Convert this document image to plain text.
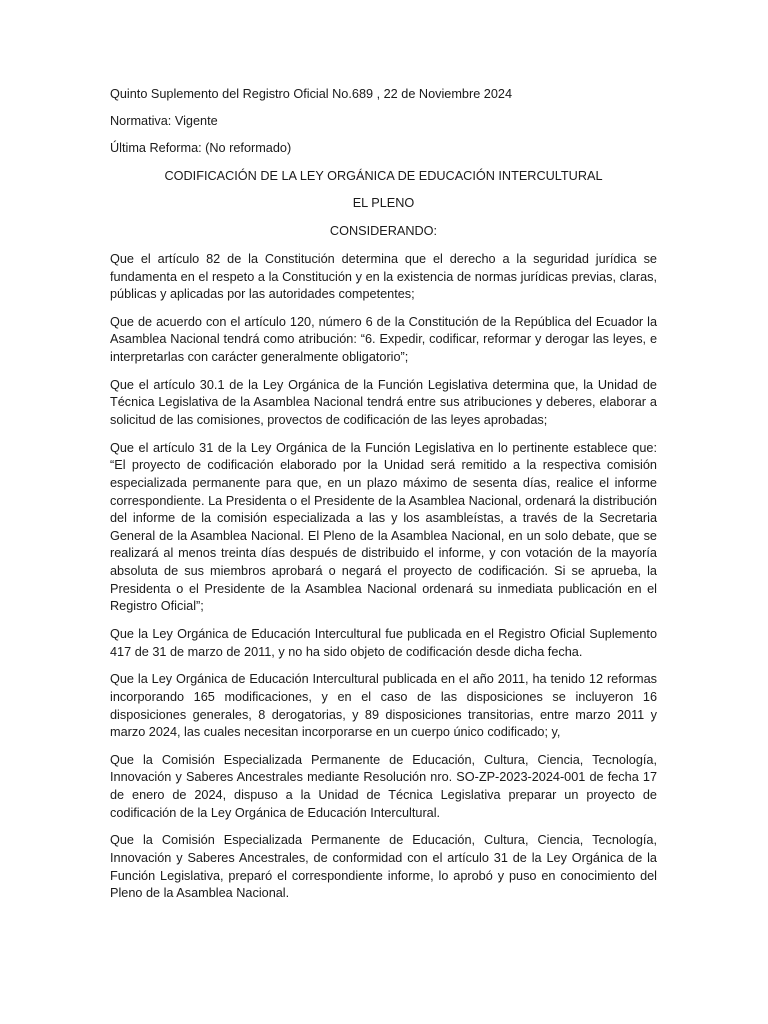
Quinto Suplemento del Registro Oficial No.689 , 22 de Noviembre 2024

Normativa: Vigente

Última Reforma: (No reformado)

CODIFICACIÓN DE LA LEY ORGÁNICA DE EDUCACIÓN INTERCULTURAL

EL PLENO

CONSIDERANDO:

Que el artículo 82 de la Constitución determina que el derecho a la seguridad jurídica se fundamenta en el respeto a la Constitución y en la existencia de normas jurídicas previas, claras, públicas y aplicadas por las autoridades competentes;

Que de acuerdo con el artículo 120, número 6 de la Constitución de la República del Ecuador la Asamblea Nacional tendrá como atribución: “6. Expedir, codificar, reformar y derogar las leyes, e interpretarlas con carácter generalmente obligatorio”;

Que el artículo 30.1 de la Ley Orgánica de la Función Legislativa determina que, la Unidad de Técnica Legislativa de la Asamblea Nacional tendrá entre sus atribuciones y deberes, elaborar a solicitud de las comisiones, provectos de codificación de las leyes aprobadas;

Que el artículo 31 de la Ley Orgánica de la Función Legislativa en lo pertinente establece que: “El proyecto de codificación elaborado por la Unidad será remitido a la respectiva comisión especializada permanente para que, en un plazo máximo de sesenta días, realice el informe correspondiente. La Presidenta o el Presidente de la Asamblea Nacional, ordenará la distribución del informe de la comisión especializada a las y los asambleístas, a través de la Secretaria General de la Asamblea Nacional. El Pleno de la Asamblea Nacional, en un solo debate, que se realizará al menos treinta días después de distribuido el informe, y con votación de la mayoría absoluta de sus miembros aprobará o negará el proyecto de codificación. Si se aprueba, la Presidenta o el Presidente de la Asamblea Nacional ordenará su inmediata publicación en el Registro Oficial”;

Que la Ley Orgánica de Educación Intercultural fue publicada en el Registro Oficial Suplemento 417 de 31 de marzo de 2011, y no ha sido objeto de codificación desde dicha fecha.

Que la Ley Orgánica de Educación Intercultural publicada en el año 2011, ha tenido 12 reformas incorporando 165 modificaciones, y en el caso de las disposiciones se incluyeron 16 disposiciones generales, 8 derogatorias, y 89 disposiciones transitorias, entre marzo 2011 y marzo 2024, las cuales necesitan incorporarse en un cuerpo único codificado; y,

Que la Comisión Especializada Permanente de Educación, Cultura, Ciencia, Tecnología, Innovación y Saberes Ancestrales mediante Resolución nro. SO-ZP-2023-2024-001 de fecha 17 de enero de 2024, dispuso a la Unidad de Técnica Legislativa preparar un proyecto de codificación de la Ley Orgánica de Educación Intercultural.

Que la Comisión Especializada Permanente de Educación, Cultura, Ciencia, Tecnología, Innovación y Saberes Ancestrales, de conformidad con el artículo 31 de la Ley Orgánica de la Función Legislativa, preparó el correspondiente informe, lo aprobó y puso en conocimiento del Pleno de la Asamblea Nacional.
